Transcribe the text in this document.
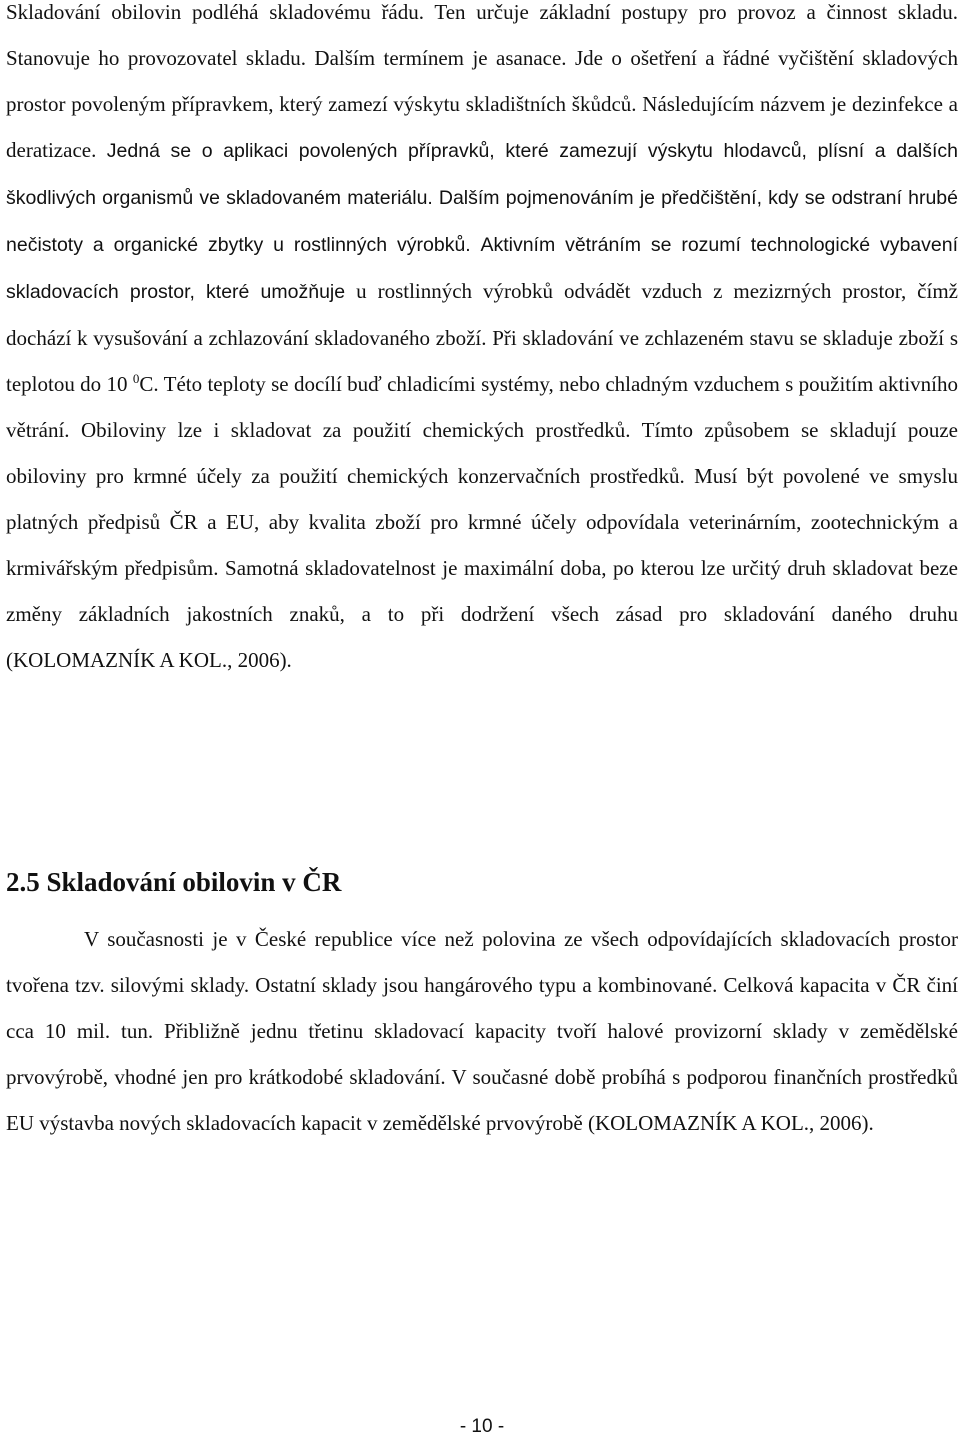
Skladování obilovin podléhá skladovému řádu. Ten určuje základní postupy pro provoz a činnost skladu. Stanovuje ho provozovatel skladu. Dalším termínem je asanace. Jde o ošetření a řádné vyčištění skladových prostor povoleným přípravkem, který zamezí výskytu skladištních škůdců. Následujícím názvem je dezinfekce a deratizace. Jedná se o aplikaci povolených přípravků, které zamezují výskytu hlodavců, plísní a dalších škodlivých organismů ve skladovaném materiálu. Dalším pojmenováním je předčištění, kdy se odstraní hrubé nečistoty a organické zbytky u rostlinných výrobků. Aktivním větráním se rozumí technologické vybavení skladovacích prostor, které umožňuje u rostlinných výrobků odvádět vzduch z mezizrných prostor, čímž dochází k vysušování a zchlazování skladovaného zboží. Při skladování ve zchlazeném stavu se skladuje zboží s teplotou do 10 $^0$C. Této teploty se docílí buď chladicími systémy, nebo chladným vzduchem s použitím aktivního větrání. Obiloviny lze i skladovat za použití chemických prostředků. Tímto způsobem se skladují pouze obiloviny pro krmné účely za použití chemických konzervačních prostředků. Musí být povolené ve smyslu platných předpisů ČR a EU, aby kvalita zboží pro krmné účely odpovídala veterinárním, zootechnickým a krmivářským předpisům. Samotná skladovatelnost je maximální doba, po kterou lze určitý druh skladovat beze změny základních jakostních znaků, a to při dodržení všech zásad pro skladování daného druhu (KOLOMAZNÍK A KOL., 2006).

2.5 Skladování obilovin v ČR

V současnosti je v České republice více než polovina ze všech odpovídajících skladovacích prostor tvořena tzv. silovými sklady. Ostatní sklady jsou hangárového typu a kombinované. Celková kapacita v ČR činí cca 10 mil. tun. Přibližně jednu třetinu skladovací kapacity tvoří halové provizorní sklady v zemědělské prvovýrobě, vhodné jen pro krátkodobé skladování. V současné době probíhá s podporou finančních prostředků EU výstavba nových skladovacích kapacit v zemědělské prvovýrobě (KOLOMAZNÍK A KOL., 2006).

- 10 -
